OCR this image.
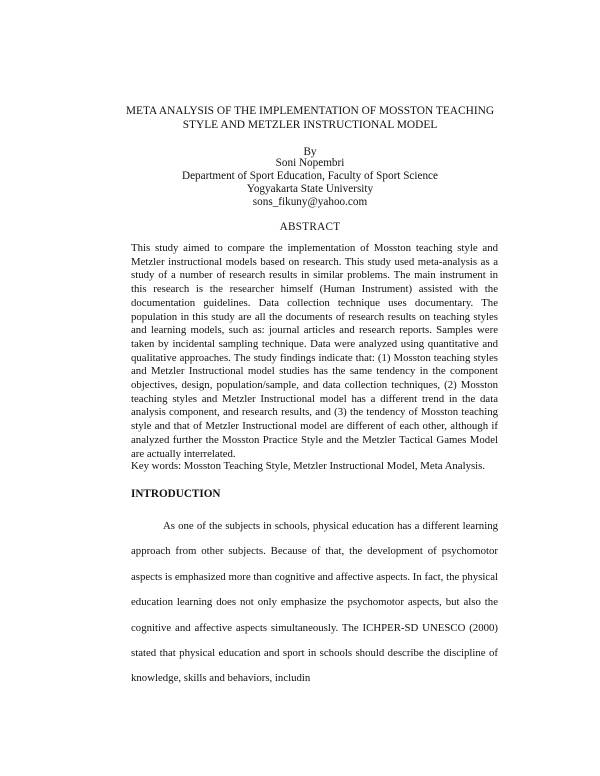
META ANALYSIS OF THE IMPLEMENTATION OF MOSSTON TEACHING STYLE AND METZLER INSTRUCTIONAL MODEL
By
Soni Nopembri
Department of Sport Education, Faculty of Sport Science
Yogyakarta State University
sons_fikuny@yahoo.com
ABSTRACT
This study aimed to compare the implementation of Mosston teaching style and Metzler instructional models based on research. This study used meta-analysis as a study of a number of research results in similar problems. The main instrument in this research is the researcher himself (Human Instrument) assisted with the documentation guidelines. Data collection technique uses documentary. The population in this study are all the documents of research results on teaching styles and learning models, such as: journal articles and research reports. Samples were taken by incidental sampling technique. Data were analyzed using quantitative and qualitative approaches. The study findings indicate that: (1) Mosston teaching styles and Metzler Instructional model studies has the same tendency in the component objectives, design, population/sample, and data collection techniques, (2) Mosston teaching styles and Metzler Instructional model has a different trend in the data analysis component, and research results, and (3) the tendency of Mosston teaching style and that of Metzler Instructional model are different of each other, although if analyzed further the Mosston Practice Style and the Metzler Tactical Games Model are actually interrelated.
Key words: Mosston Teaching Style, Metzler Instructional Model, Meta Analysis.
INTRODUCTION
As one of the subjects in schools, physical education has a different learning approach from other subjects. Because of that, the development of psychomotor aspects is emphasized more than cognitive and affective aspects. In fact, the physical education learning does not only emphasize the psychomotor aspects, but also the cognitive and affective aspects simultaneously. The ICHPER-SD UNESCO (2000) stated that physical education and sport in schools should describe the discipline of knowledge, skills and behaviors, includin
